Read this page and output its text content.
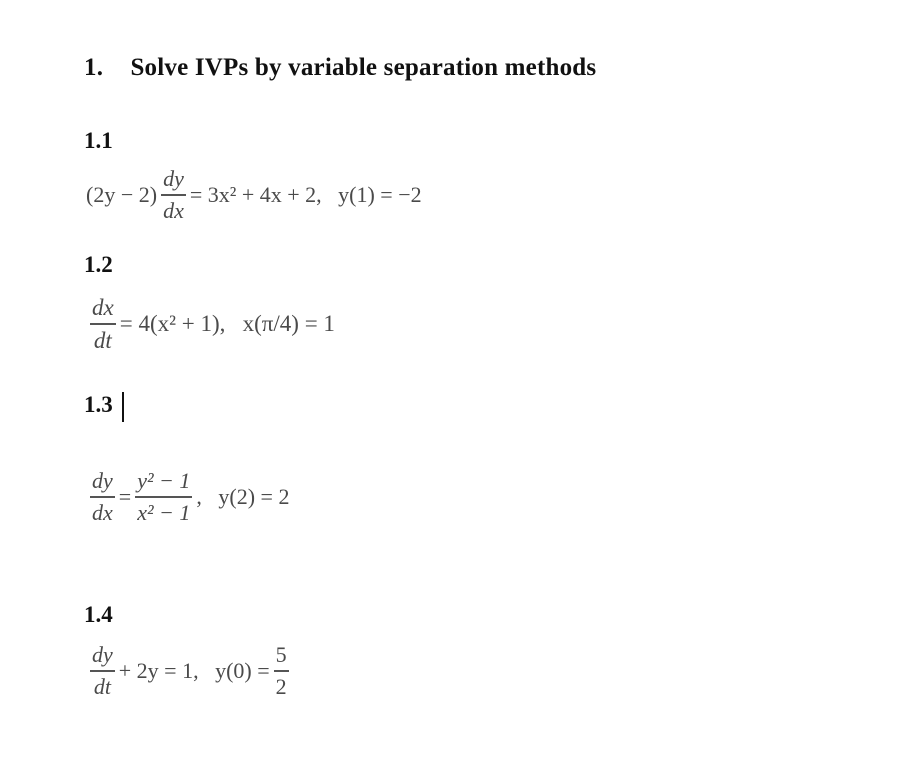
1. Solve IVPs by variable separation methods
1.1
$(2y - 2) \frac{dy}{dx} = 3x^2 + 4x + 2$,   y(1) = −2
1.2
$\frac{dx}{dt} = 4(x^2 + 1)$,   x(π/4) = 1
1.3
$\frac{dy}{dx} = \frac{\text{y² − 1}}{\text{x² − 1}}$ ,   y(2) = 2
1.4
$\frac{dy}{dt} + 2y = 1$,   $y(0) = \frac{5}{2}$
